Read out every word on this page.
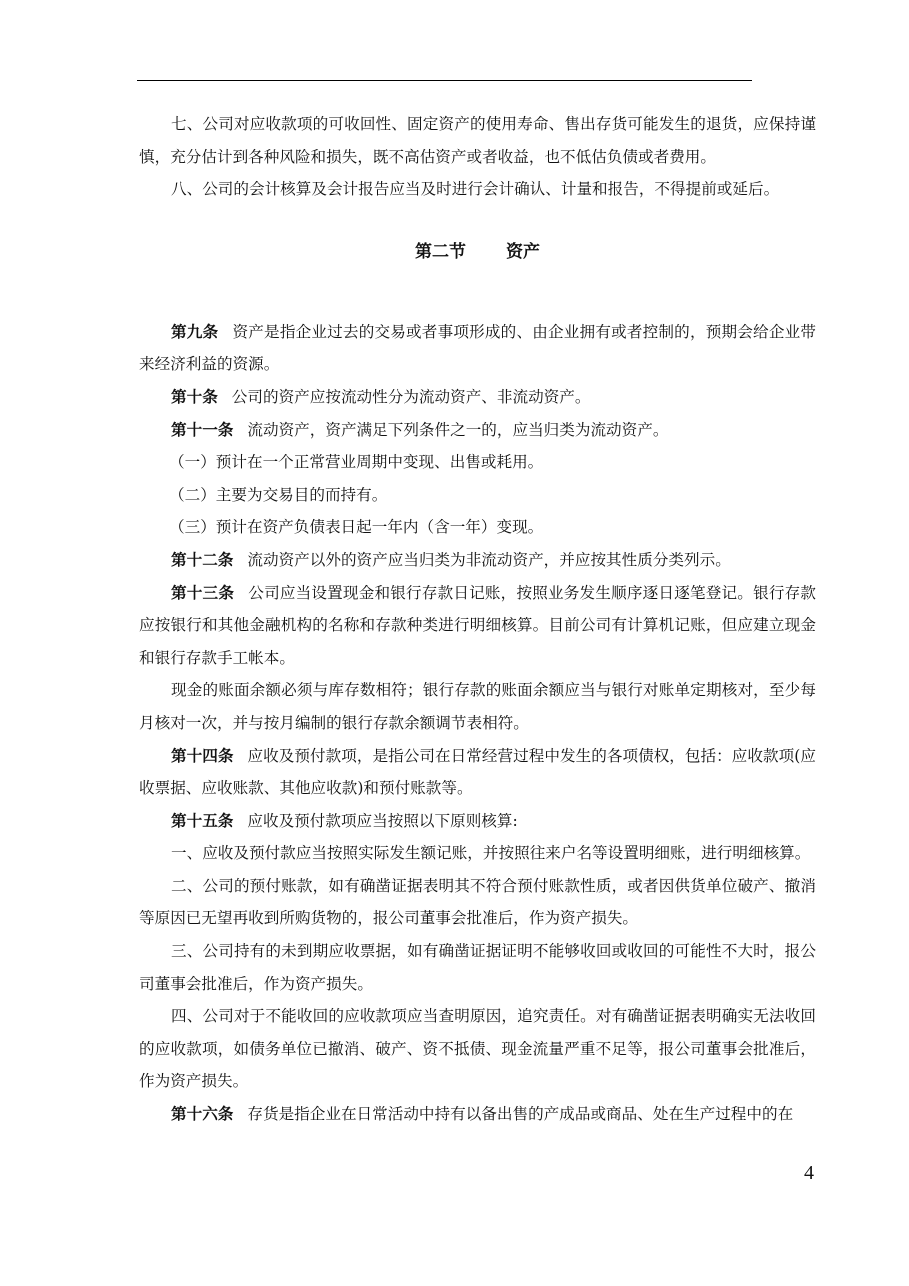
七、公司对应收款项的可收回性、固定资产的使用寿命、售出存货可能发生的退货，应保持谨慎，充分估计到各种风险和损失，既不高估资产或者收益，也不低估负债或者费用。

八、公司的会计核算及会计报告应当及时进行会计确认、计量和报告，不得提前或延后。

第二节 资产

第九条 资产是指企业过去的交易或者事项形成的、由企业拥有或者控制的，预期会给企业带来经济利益的资源。

第十条 公司的资产应按流动性分为流动资产、非流动资产。

第十一条 流动资产，资产满足下列条件之一的，应当归类为流动资产。

（一）预计在一个正常营业周期中变现、出售或耗用。

（二）主要为交易目的而持有。

（三）预计在资产负债表日起一年内（含一年）变现。

第十二条 流动资产以外的资产应当归类为非流动资产，并应按其性质分类列示。

第十三条 公司应当设置现金和银行存款日记账，按照业务发生顺序逐日逐笔登记。银行存款应按银行和其他金融机构的名称和存款种类进行明细核算。目前公司有计算机记账，但应建立现金和银行存款手工帐本。

现金的账面余额必须与库存数相符；银行存款的账面余额应当与银行对账单定期核对，至少每月核对一次，并与按月编制的银行存款余额调节表相符。

第十四条 应收及预付款项，是指公司在日常经营过程中发生的各项债权，包括：应收款项(应收票据、应收账款、其他应收款)和预付账款等。

第十五条 应收及预付款项应当按照以下原则核算:

一、应收及预付款应当按照实际发生额记账，并按照往来户名等设置明细账，进行明细核算。

二、公司的预付账款，如有确凿证据表明其不符合预付账款性质，或者因供货单位破产、撤消等原因已无望再收到所购货物的，报公司董事会批准后，作为资产损失。

三、公司持有的未到期应收票据，如有确凿证据证明不能够收回或收回的可能性不大时，报公司董事会批准后，作为资产损失。

四、公司对于不能收回的应收款项应当查明原因，追究责任。对有确凿证据表明确实无法收回的应收款项，如债务单位已撤消、破产、资不抵债、现金流量严重不足等，报公司董事会批准后，作为资产损失。

第十六条 存货是指企业在日常活动中持有以备出售的产成品或商品、处在生产过程中的在

4
